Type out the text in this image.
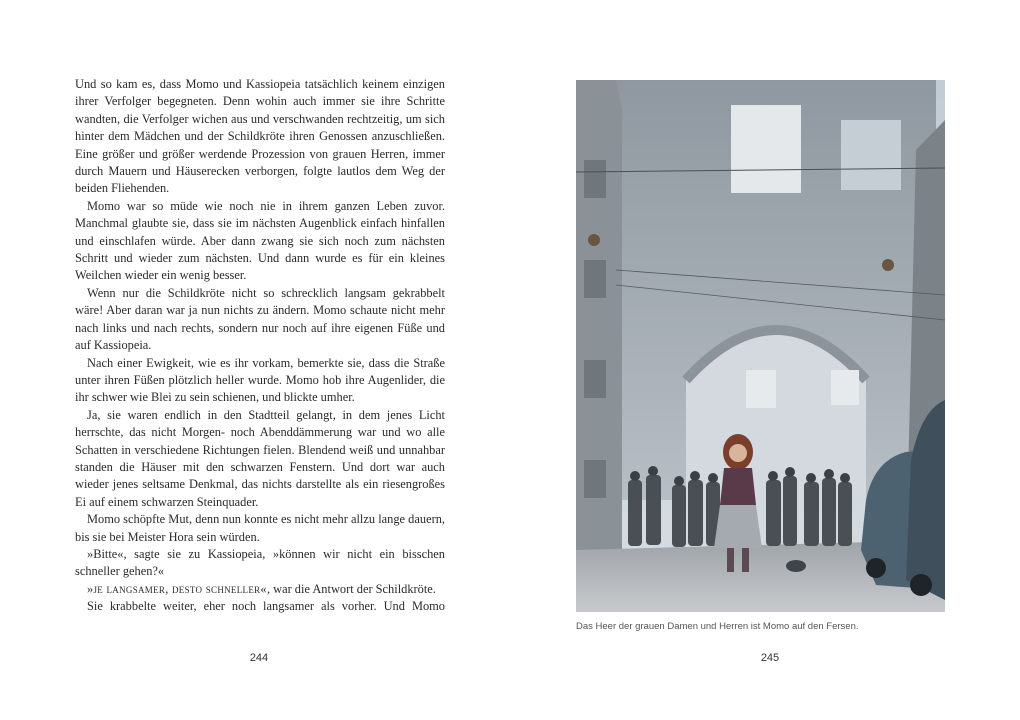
Und so kam es, dass Momo und Kassiopeia tatsächlich keinem einzigen ihrer Verfolger begegneten. Denn wohin auch immer sie ihre Schritte wandten, die Verfolger wichen aus und verschwanden rechtzeitig, um sich hinter dem Mädchen und der Schildkröte ihren Genossen anzuschließen. Eine größer und größer werdende Prozession von grauen Herren, immer durch Mauern und Häuserecken verborgen, folgte lautlos dem Weg der beiden Fliehenden.

Momo war so müde wie noch nie in ihrem ganzen Leben zuvor. Manchmal glaubte sie, dass sie im nächsten Augenblick einfach hinfallen und einschlafen würde. Aber dann zwang sie sich noch zum nächsten Schritt und wieder zum nächsten. Und dann wurde es für ein kleines Weilchen wieder ein wenig besser.

Wenn nur die Schildkröte nicht so schrecklich langsam gekrabbelt wäre! Aber daran war ja nun nichts zu ändern. Momo schaute nicht mehr nach links und nach rechts, sondern nur noch auf ihre eigenen Füße und auf Kassiopeia.

Nach einer Ewigkeit, wie es ihr vorkam, bemerkte sie, dass die Straße unter ihren Füßen plötzlich heller wurde. Momo hob ihre Augenlider, die ihr schwer wie Blei zu sein schienen, und blickte umher.

Ja, sie waren endlich in den Stadtteil gelangt, in dem jenes Licht herrschte, das nicht Morgen- noch Abenddämmerung war und wo alle Schatten in verschiedene Richtungen fielen. Blendend weiß und unnahbar standen die Häuser mit den schwarzen Fenstern. Und dort war auch wieder jenes seltsame Denkmal, das nichts darstellte als ein riesengroßes Ei auf einem schwarzen Steinquader.

Momo schöpfte Mut, denn nun konnte es nicht mehr allzu lange dauern, bis sie bei Meister Hora sein würden.

»Bitte«, sagte sie zu Kassiopeia, »können wir nicht ein bisschen schneller gehen?«

»je langsamer, desto schneller«, war die Antwort der Schildkröte.

Sie krabbelte weiter, eher noch langsamer als vorher. Und Momo

244
Das Heer der grauen Damen und Herren ist Momo auf den Fersen.
245
